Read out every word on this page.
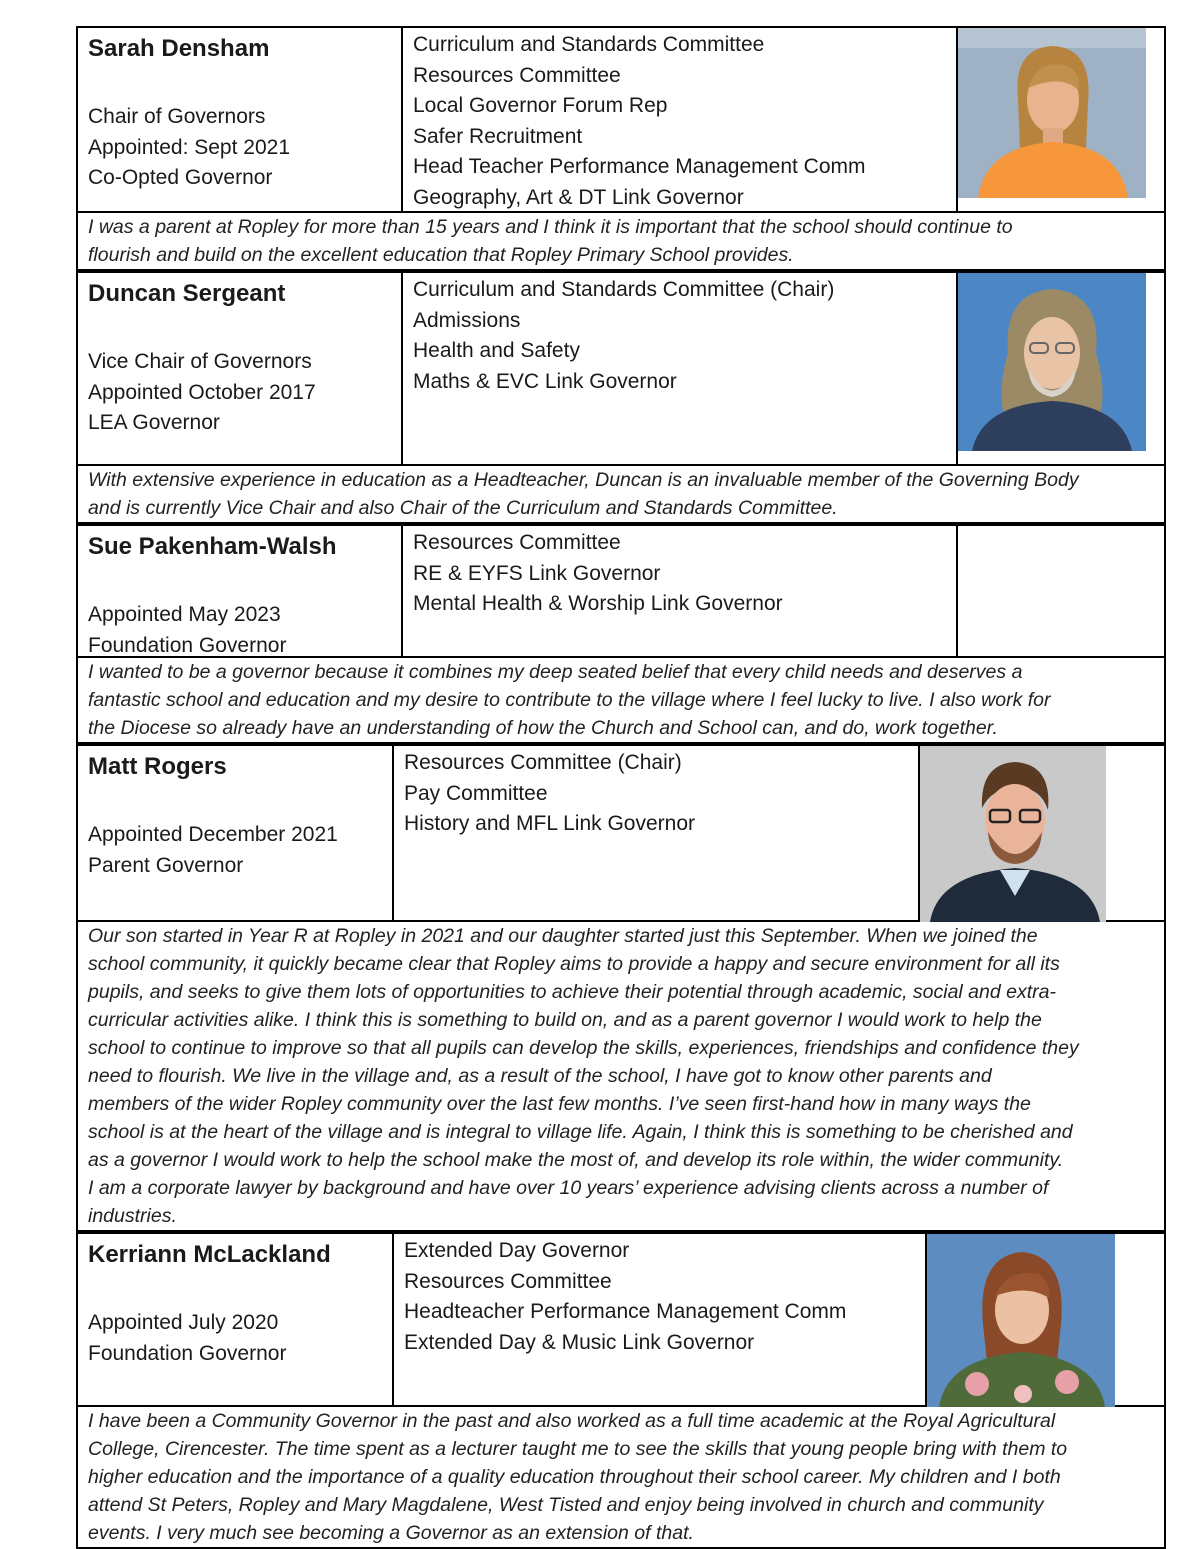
Sarah Densham
Chair of Governors
Appointed: Sept 2021
Co-Opted Governor
Curriculum and Standards Committee
Resources Committee
Local Governor Forum Rep
Safer Recruitment
Head Teacher Performance Management Comm
Geography, Art & DT Link Governor
I was a parent at Ropley for more than 15 years and I think it is important that the school should continue to
flourish and build on the excellent education that Ropley Primary School provides.
Duncan Sergeant
Vice Chair of Governors
Appointed October 2017
LEA Governor
Curriculum and Standards Committee (Chair)
Admissions
Health and Safety
Maths & EVC Link Governor
With extensive experience in education as a Headteacher, Duncan is an invaluable member of the Governing Body
and is currently Vice Chair and also Chair of the Curriculum and Standards Committee.
Sue Pakenham-Walsh
Appointed May 2023
Foundation Governor
Resources Committee
RE & EYFS Link Governor
Mental Health & Worship Link Governor
I wanted to be a governor because it combines my deep seated belief that every child needs and deserves a
fantastic school and education and my desire to contribute to the village where I feel lucky to live. I also work for
the Diocese so already have an understanding of how the Church and School can, and do, work together.
Matt Rogers
Appointed December 2021
Parent Governor
Resources Committee (Chair)
Pay Committee
History and MFL Link Governor
Our son started in Year R at Ropley in 2021 and our daughter started just this September. When we joined the
school community, it quickly became clear that Ropley aims to provide a happy and secure environment for all its
pupils, and seeks to give them lots of opportunities to achieve their potential through academic, social and extra-
curricular activities alike. I think this is something to build on, and as a parent governor I would work to help the
school to continue to improve so that all pupils can develop the skills, experiences, friendships and confidence they
need to flourish. We live in the village and, as a result of the school, I have got to know other parents and
members of the wider Ropley community over the last few months. I’ve seen first-hand how in many ways the
school is at the heart of the village and is integral to village life. Again, I think this is something to be cherished and
as a governor I would work to help the school make the most of, and develop its role within, the wider community.
I am a corporate lawyer by background and have over 10 years’ experience advising clients across a number of
industries.
Kerriann McLackland
Appointed July 2020
Foundation Governor
Extended Day Governor
Resources Committee
Headteacher Performance Management Comm
Extended Day & Music Link Governor
I have been a Community Governor in the past and also worked as a full time academic at the Royal Agricultural
College, Cirencester. The time spent as a lecturer taught me to see the skills that young people bring with them to
higher education and the importance of a quality education throughout their school career. My children and I both
attend St Peters, Ropley and Mary Magdalene, West Tisted and enjoy being involved in church and community
events. I very much see becoming a Governor as an extension of that.
